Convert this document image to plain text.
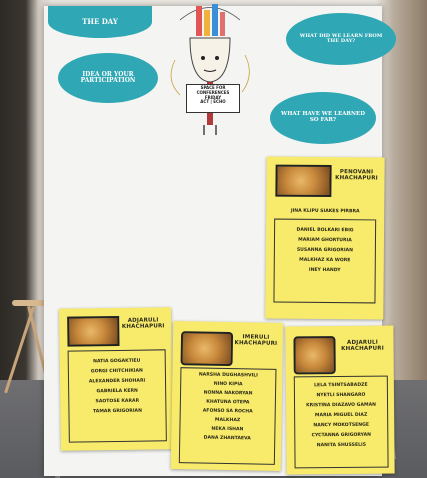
THE DAY
IDEA OR YOUR PARTICIPATION
WHAT DID WE LEARN FROM THE DAY?
WHAT HAVE WE LEARNED SO FAR?
SPACE FOR
CONFERENCES
FRIDAY
ACT | ECHO
PENOVANI
KHACHAPURI
JINA KLIPU SIAKES PIRBRA
DANIEL BOLKARI EBIG
MARIAM GHORTURIA
SUSANNA GRIGORIAN
MALKHAZ KA WORE
INEY HANDY
ADJARULI
KHACHAPURI
NATIA GOGAKTIEU
GORGI CHITCHIKIAN
ALEXANDER SHOHARI
GABRIELA KERN
SAOTOSE KARAR
TAMAR GRIGORIAN
IMERULI
KHACHAPURI
NARSHA DUGHASHVILI
NINO KIPIA
NONNA NAKORYAN
KHATUNA OTEPA
AFONSO SA ROCHA
MALKHAZ
NEKA ISHAN
DANA ZHANTAEVA
ADJARULI
KHACHAPURI
LELA TSINTSABADZE
NYETLI SHANGARO
KRISTINA DIAZAVO GAMAN
MARIA MIGUEL DIAZ
NANCY MOKOTSENGE
CYCTANNA GRIGORYAN
NANITA SHUSSELIS
